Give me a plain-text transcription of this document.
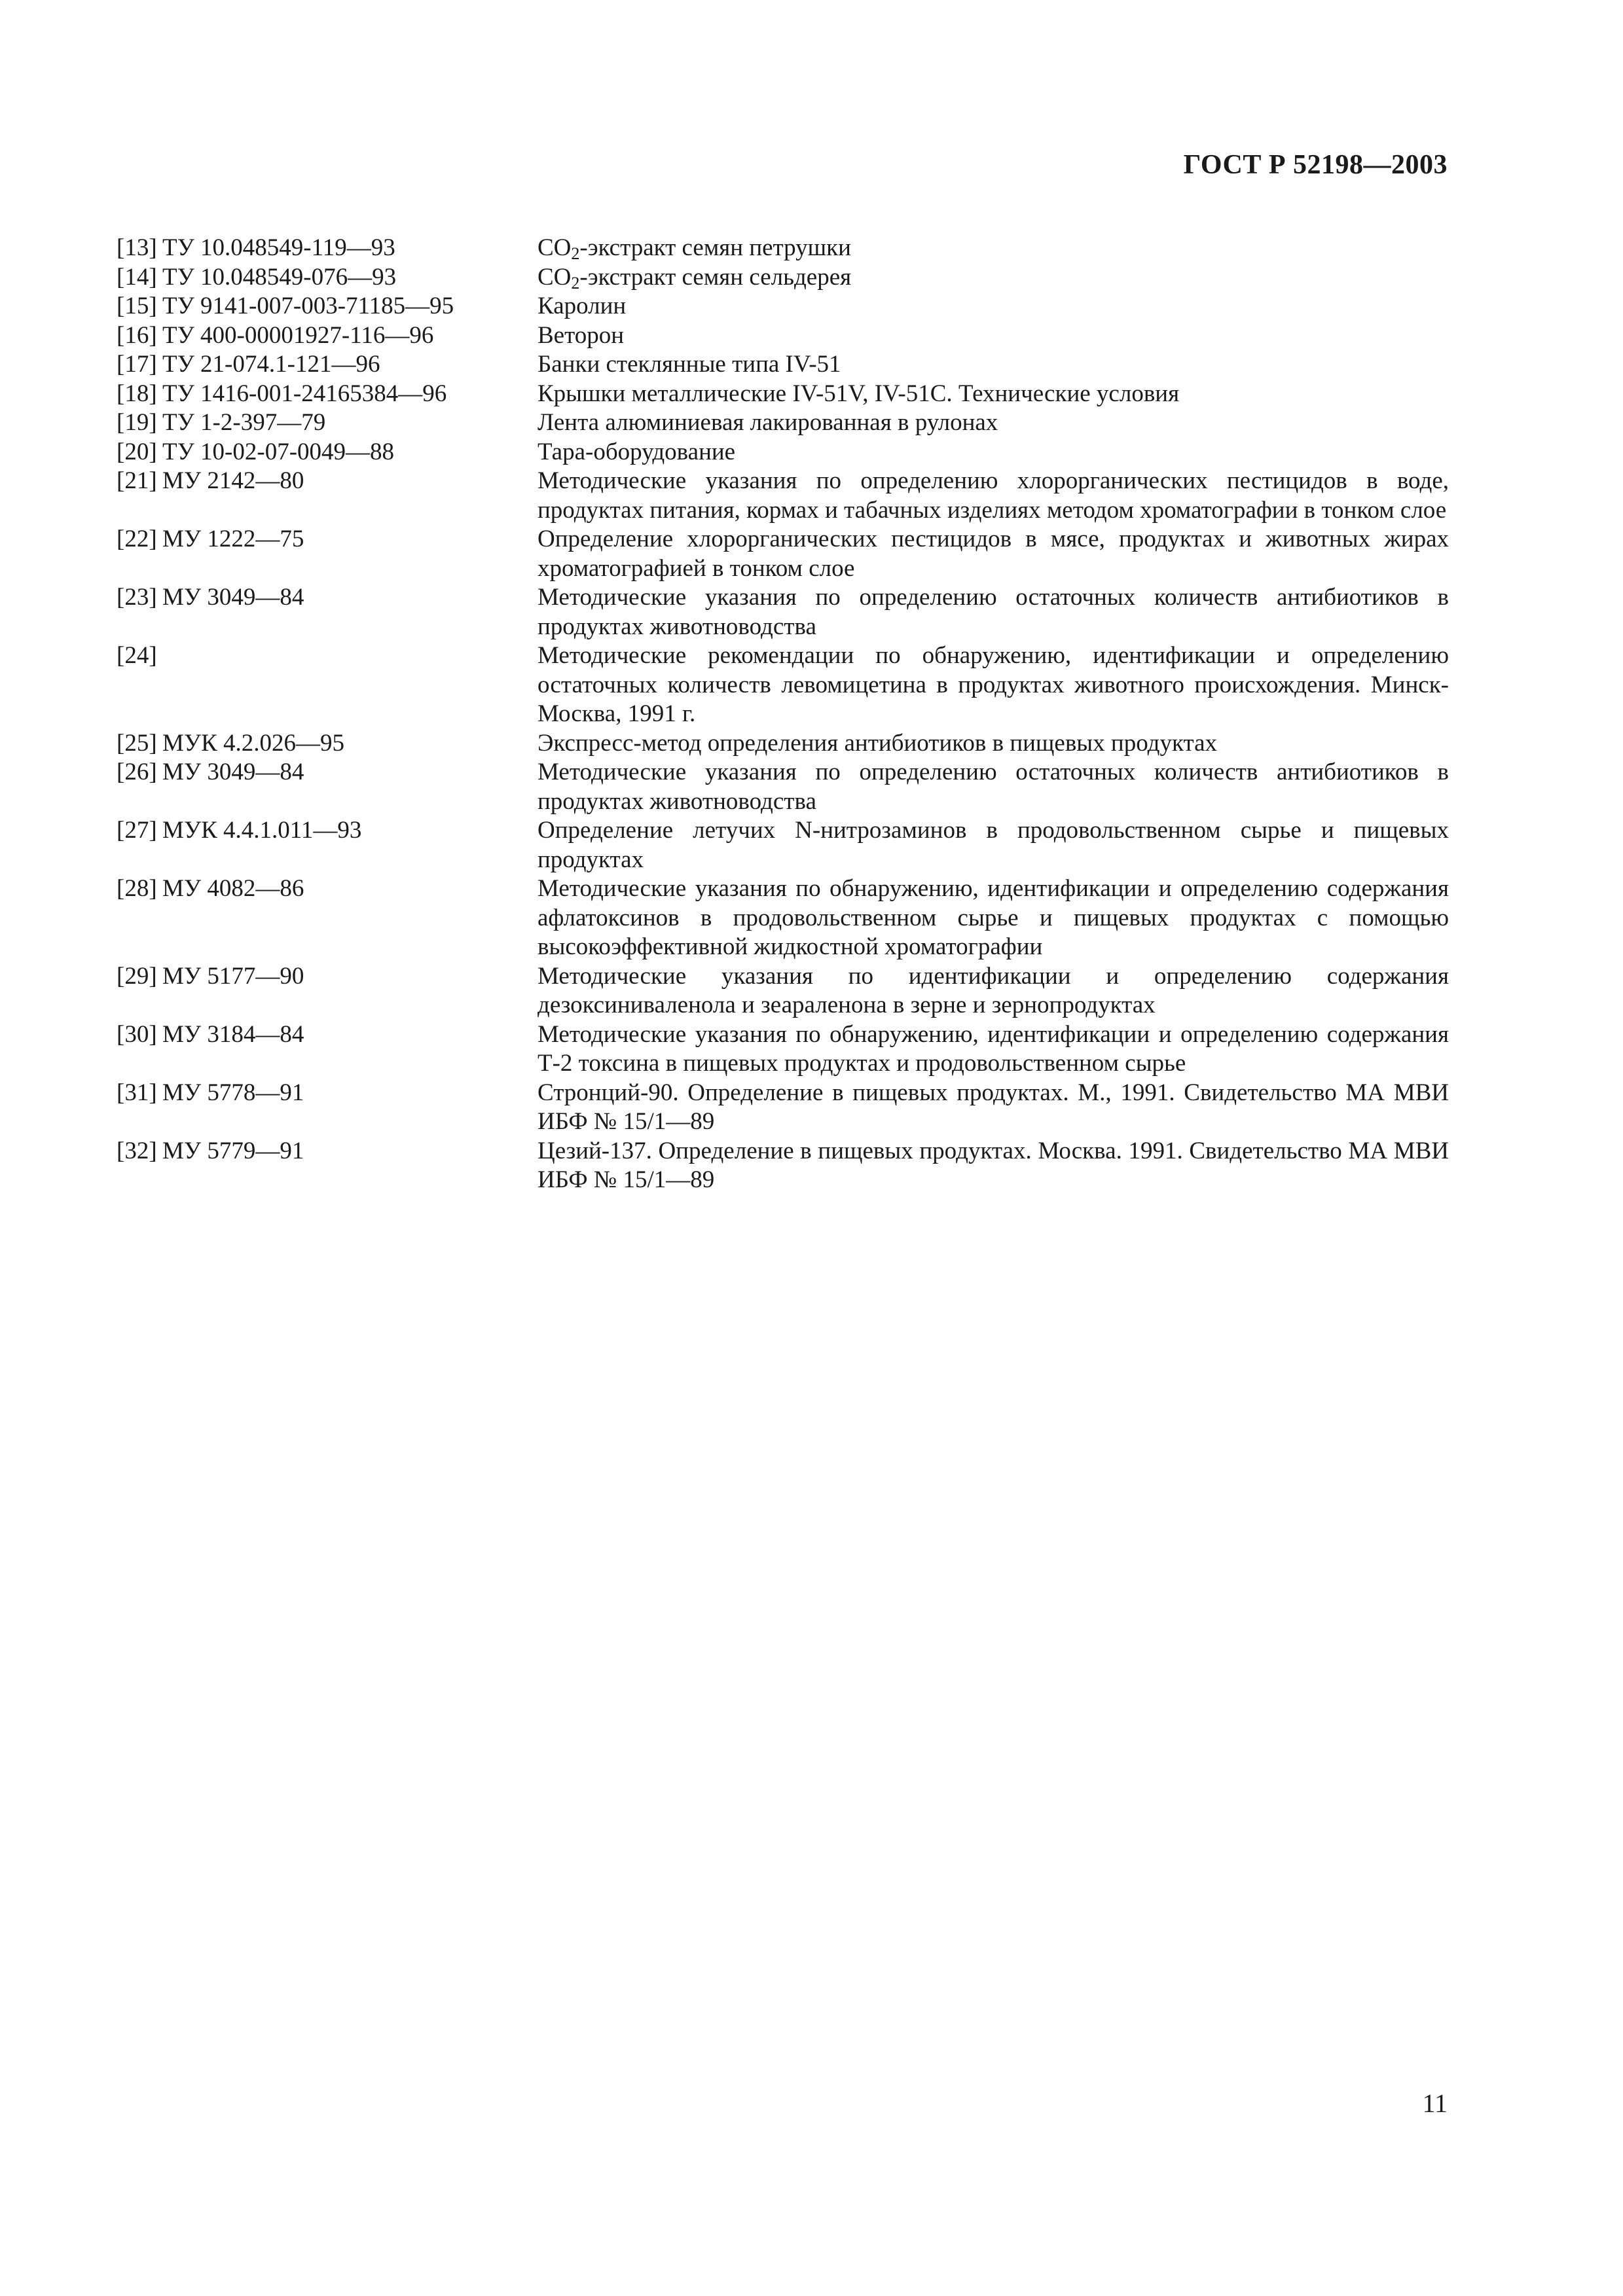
ГОСТ Р 52198—2003
[13] ТУ 10.048549-119—93	$CO_2$-экстракт семян петрушки
[14] ТУ 10.048549-076—93	$CO_2$-экстракт семян сельдерея
[15] ТУ 9141-007-003-71185—95	Каролин
[16] ТУ 400-00001927-116—96	Веторон
[17] ТУ 21-074.1-121—96	Банки стеклянные типа IV-51
[18] ТУ 1416-001-24165384—96	Крышки металлические IV-51V, IV-51C. Технические условия
[19] ТУ 1-2-397—79	Лента алюминиевая лакированная в рулонах
[20] ТУ 10-02-07-0049—88	Тара-оборудование
[21] МУ 2142—80	Методические указания по определению хлорорганических пестицидов в воде, продуктах питания, кормах и табачных изделиях методом хроматографии в тонком слое
[22] МУ 1222—75	Определение хлорорганических пестицидов в мясе, продуктах и животных жирах хроматографией в тонком слое
[23] МУ 3049—84	Методические указания по определению остаточных количеств антибиотиков в продуктах животноводства
[24]	Методические рекомендации по обнаружению, идентификации и определению остаточных количеств левомицетина в продуктах животного происхождения. Минск-Москва, 1991 г.
[25] МУК 4.2.026—95	Экспресс-метод определения антибиотиков в пищевых продуктах
[26] МУ 3049—84	Методические указания по определению остаточных количеств антибиотиков в продуктах животноводства
[27] МУК 4.4.1.011—93	Определение летучих N-нитрозаминов в продовольственном сырье и пищевых продуктах
[28] МУ 4082—86	Методические указания по обнаружению, идентификации и определению содержания афлатоксинов в продовольственном сырье и пищевых продуктах с помощью высокоэффективной жидкостной хроматографии
[29] МУ 5177—90	Методические указания по идентификации и определению содержания дезоксиниваленола и зеараленона в зерне и зернопродуктах
[30] МУ 3184—84	Методические указания по обнаружению, идентификации и определению содержания Т-2 токсина в пищевых продуктах и продовольственном сырье
[31] МУ 5778—91	Стронций-90. Определение в пищевых продуктах. М., 1991. Свидетельство МА МВИ ИБФ № 15/1—89
[32] МУ 5779—91	Цезий-137. Определение в пищевых продуктах. Москва. 1991. Свидетельство МА МВИ ИБФ № 15/1—89
11
